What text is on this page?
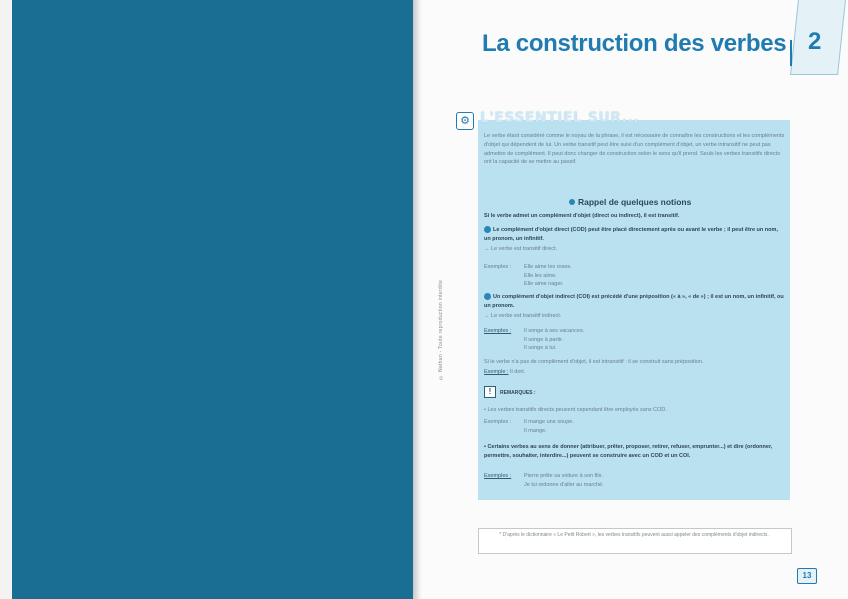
© Nathan - Toute reproduction interdite
La construction des verbes 2
⚙ L'ESSENTIEL SUR...
Le verbe étant considéré comme le noyau de la phrase, il est nécessaire de connaître les constructions et les compléments d'objet qui dépendent de lui. Un verbe transitif peut être suivi d'un complément d'objet, un verbe intransitif ne peut pas admettre de complément. Il peut donc changer de construction selon le sens qu'il prend. Seuls les verbes transitifs directs ont la capacité de se mettre au passif.
Rappel de quelques notions
Si le verbe admet un complément d'objet (direct ou indirect), il est transitif.
Le complément d'objet direct (COD) peut être placé directement après ou avant le verbe ; il peut être un nom, un pronom, un infinitif.
→ Le verbe est transitif direct.
Exemples :	Elle aime les roses.
Elle les aime.
Elle aime nager.
Un complément d'objet indirect (COI) est précédé d'une préposition (« à », « de ») ; il est un nom, un infinitif, ou un pronom.
→ Le verbe est transitif indirect.
Exemples :	Il songe à ses vacances.
Il songe à partir.
Il songe à lui.
Si le verbe n'a pas de complément d'objet, il est intransitif : il se construit sans préposition.
Exemple : Il dort.
!	REMARQUES :
• Les verbes transitifs directs peuvent cependant être employés sans COD.
Exemples :	Il mange une soupe.
Il mange.
• Certains verbes au sens de donner (attribuer, prêter, proposer, retirer, refuser, emprunter...) et dire (ordonner, permettre, souhaiter, interdire...) peuvent se construire avec un COD et un COI.
Exemples :	Pierre prête sa voiture à son fils.
Je lui ordonne d'aller au marché.
* D'après le dictionnaire « Le Petit Robert », les verbes transitifs peuvent aussi appeler des compléments d'objet indirects.
13
